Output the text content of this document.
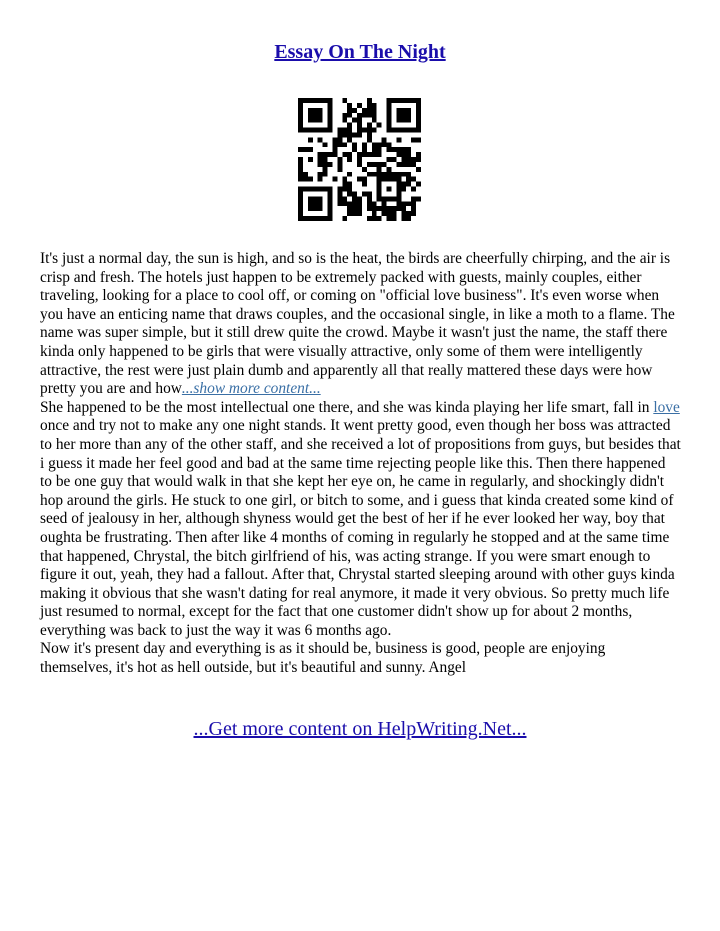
Essay On The Night

It's just a normal day, the sun is high, and so is the heat, the birds are cheerfully chirping, and the air is crisp and fresh. The hotels just happen to be extremely packed with guests, mainly couples, either traveling, looking for a place to cool off, or coming on "official love business". It's even worse when you have an enticing name that draws couples, and the occasional single, in like a moth to a flame. The name was super simple, but it still drew quite the crowd. Maybe it wasn't just the name, the staff there kinda only happened to be girls that were visually attractive, only some of them were intelligently attractive, the rest were just plain dumb and apparently all that really mattered these days were how pretty you are and how...show more content...

She happened to be the most intellectual one there, and she was kinda playing her life smart, fall in love once and try not to make any one night stands. It went pretty good, even though her boss was attracted to her more than any of the other staff, and she received a lot of propositions from guys, but besides that i guess it made her feel good and bad at the same time rejecting people like this. Then there happened to be one guy that would walk in that she kept her eye on, he came in regularly, and shockingly didn't hop around the girls. He stuck to one girl, or bitch to some, and i guess that kinda created some kind of seed of jealousy in her, although shyness would get the best of her if he ever looked her way, boy that oughta be frustrating. Then after like 4 months of coming in regularly he stopped and at the same time that happened, Chrystal, the bitch girlfriend of his, was acting strange. If you were smart enough to figure it out, yeah, they had a fallout. After that, Chrystal started sleeping around with other guys kinda making it obvious that she wasn't dating for real anymore, it made it very obvious. So pretty much life just resumed to normal, except for the fact that one customer didn't show up for about 2 months, everything was back to just the way it was 6 months ago.

Now it's present day and everything is as it should be, business is good, people are enjoying themselves, it's hot as hell outside, but it's beautiful and sunny. Angel

...Get more content on HelpWriting.Net...
